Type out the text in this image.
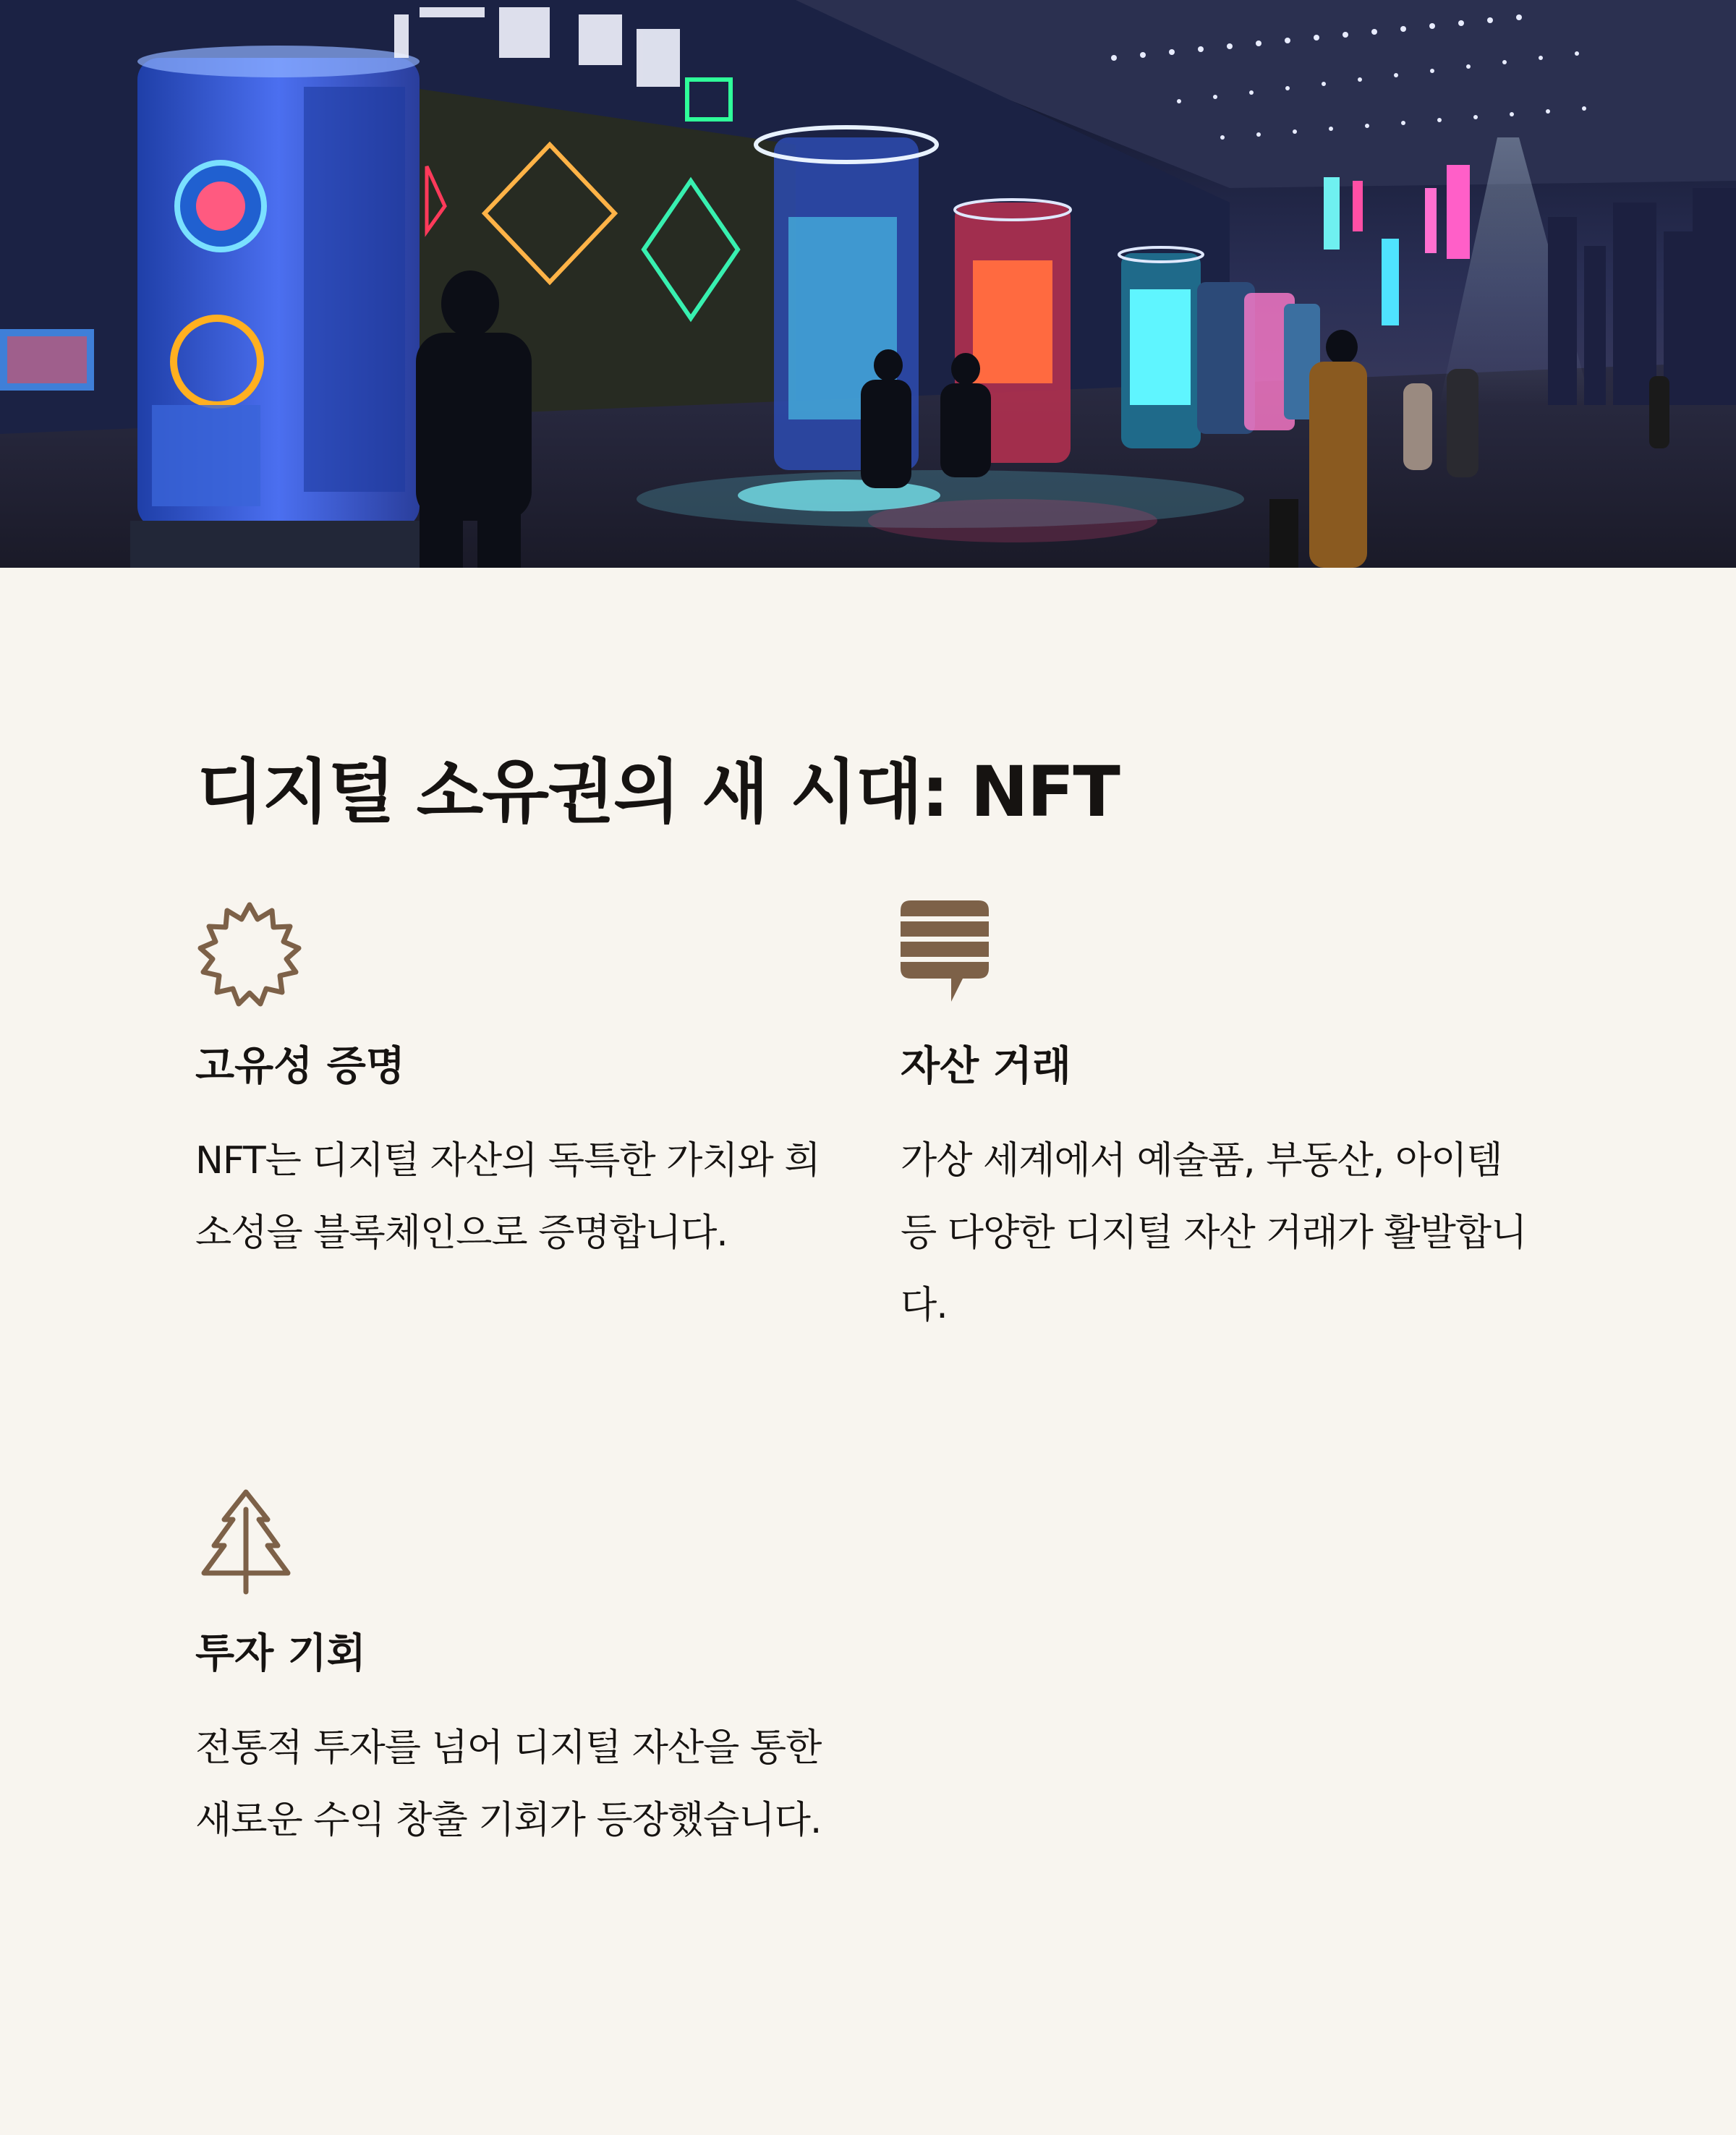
디지털 소유권의 새 시대: NFT
고유성 증명

NFT는 디지털 자산의 독특한 가치와 희소성을 블록체인으로 증명합니다.

자산 거래

가상 세계에서 예술품, 부동산, 아이템 등 다양한 디지털 자산 거래가 활발합니다.

투자 기회

전통적 투자를 넘어 디지털 자산을 통한 새로운 수익 창출 기회가 등장했습니다.
